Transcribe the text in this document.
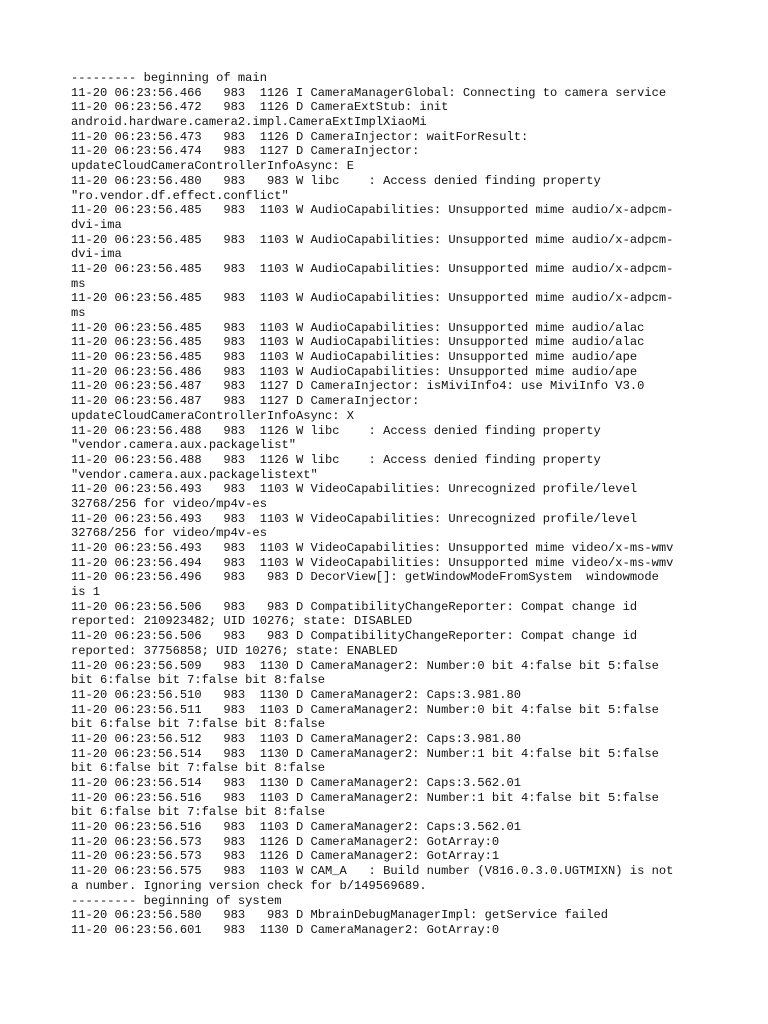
--------- beginning of main
11-20 06:23:56.466   983  1126 I CameraManagerGlobal: Connecting to camera service
11-20 06:23:56.472   983  1126 D CameraExtStub: init
android.hardware.camera2.impl.CameraExtImplXiaoMi
11-20 06:23:56.473   983  1126 D CameraInjector: waitForResult:
11-20 06:23:56.474   983  1127 D CameraInjector:
updateCloudCameraControllerInfoAsync: E
11-20 06:23:56.480   983   983 W libc    : Access denied finding property
"ro.vendor.df.effect.conflict"
11-20 06:23:56.485   983  1103 W AudioCapabilities: Unsupported mime audio/x-adpcm-
dvi-ima
11-20 06:23:56.485   983  1103 W AudioCapabilities: Unsupported mime audio/x-adpcm-
dvi-ima
11-20 06:23:56.485   983  1103 W AudioCapabilities: Unsupported mime audio/x-adpcm-
ms
11-20 06:23:56.485   983  1103 W AudioCapabilities: Unsupported mime audio/x-adpcm-
ms
11-20 06:23:56.485   983  1103 W AudioCapabilities: Unsupported mime audio/alac
11-20 06:23:56.485   983  1103 W AudioCapabilities: Unsupported mime audio/alac
11-20 06:23:56.485   983  1103 W AudioCapabilities: Unsupported mime audio/ape
11-20 06:23:56.486   983  1103 W AudioCapabilities: Unsupported mime audio/ape
11-20 06:23:56.487   983  1127 D CameraInjector: isMiviInfo4: use MiviInfo V3.0
11-20 06:23:56.487   983  1127 D CameraInjector:
updateCloudCameraControllerInfoAsync: X
11-20 06:23:56.488   983  1126 W libc    : Access denied finding property
"vendor.camera.aux.packagelist"
11-20 06:23:56.488   983  1126 W libc    : Access denied finding property
"vendor.camera.aux.packagelistext"
11-20 06:23:56.493   983  1103 W VideoCapabilities: Unrecognized profile/level
32768/256 for video/mp4v-es
11-20 06:23:56.493   983  1103 W VideoCapabilities: Unrecognized profile/level
32768/256 for video/mp4v-es
11-20 06:23:56.493   983  1103 W VideoCapabilities: Unsupported mime video/x-ms-wmv
11-20 06:23:56.494   983  1103 W VideoCapabilities: Unsupported mime video/x-ms-wmv
11-20 06:23:56.496   983   983 D DecorView[]: getWindowModeFromSystem  windowmode
is 1
11-20 06:23:56.506   983   983 D CompatibilityChangeReporter: Compat change id
reported: 210923482; UID 10276; state: DISABLED
11-20 06:23:56.506   983   983 D CompatibilityChangeReporter: Compat change id
reported: 37756858; UID 10276; state: ENABLED
11-20 06:23:56.509   983  1130 D CameraManager2: Number:0 bit 4:false bit 5:false
bit 6:false bit 7:false bit 8:false
11-20 06:23:56.510   983  1130 D CameraManager2: Caps:3.981.80
11-20 06:23:56.511   983  1103 D CameraManager2: Number:0 bit 4:false bit 5:false
bit 6:false bit 7:false bit 8:false
11-20 06:23:56.512   983  1103 D CameraManager2: Caps:3.981.80
11-20 06:23:56.514   983  1130 D CameraManager2: Number:1 bit 4:false bit 5:false
bit 6:false bit 7:false bit 8:false
11-20 06:23:56.514   983  1130 D CameraManager2: Caps:3.562.01
11-20 06:23:56.516   983  1103 D CameraManager2: Number:1 bit 4:false bit 5:false
bit 6:false bit 7:false bit 8:false
11-20 06:23:56.516   983  1103 D CameraManager2: Caps:3.562.01
11-20 06:23:56.573   983  1126 D CameraManager2: GotArray:0
11-20 06:23:56.573   983  1126 D CameraManager2: GotArray:1
11-20 06:23:56.575   983  1103 W CAM_A   : Build number (V816.0.3.0.UGTMIXN) is not
a number. Ignoring version check for b/149569689.
--------- beginning of system
11-20 06:23:56.580   983   983 D MbrainDebugManagerImpl: getService failed
11-20 06:23:56.601   983  1130 D CameraManager2: GotArray:0
